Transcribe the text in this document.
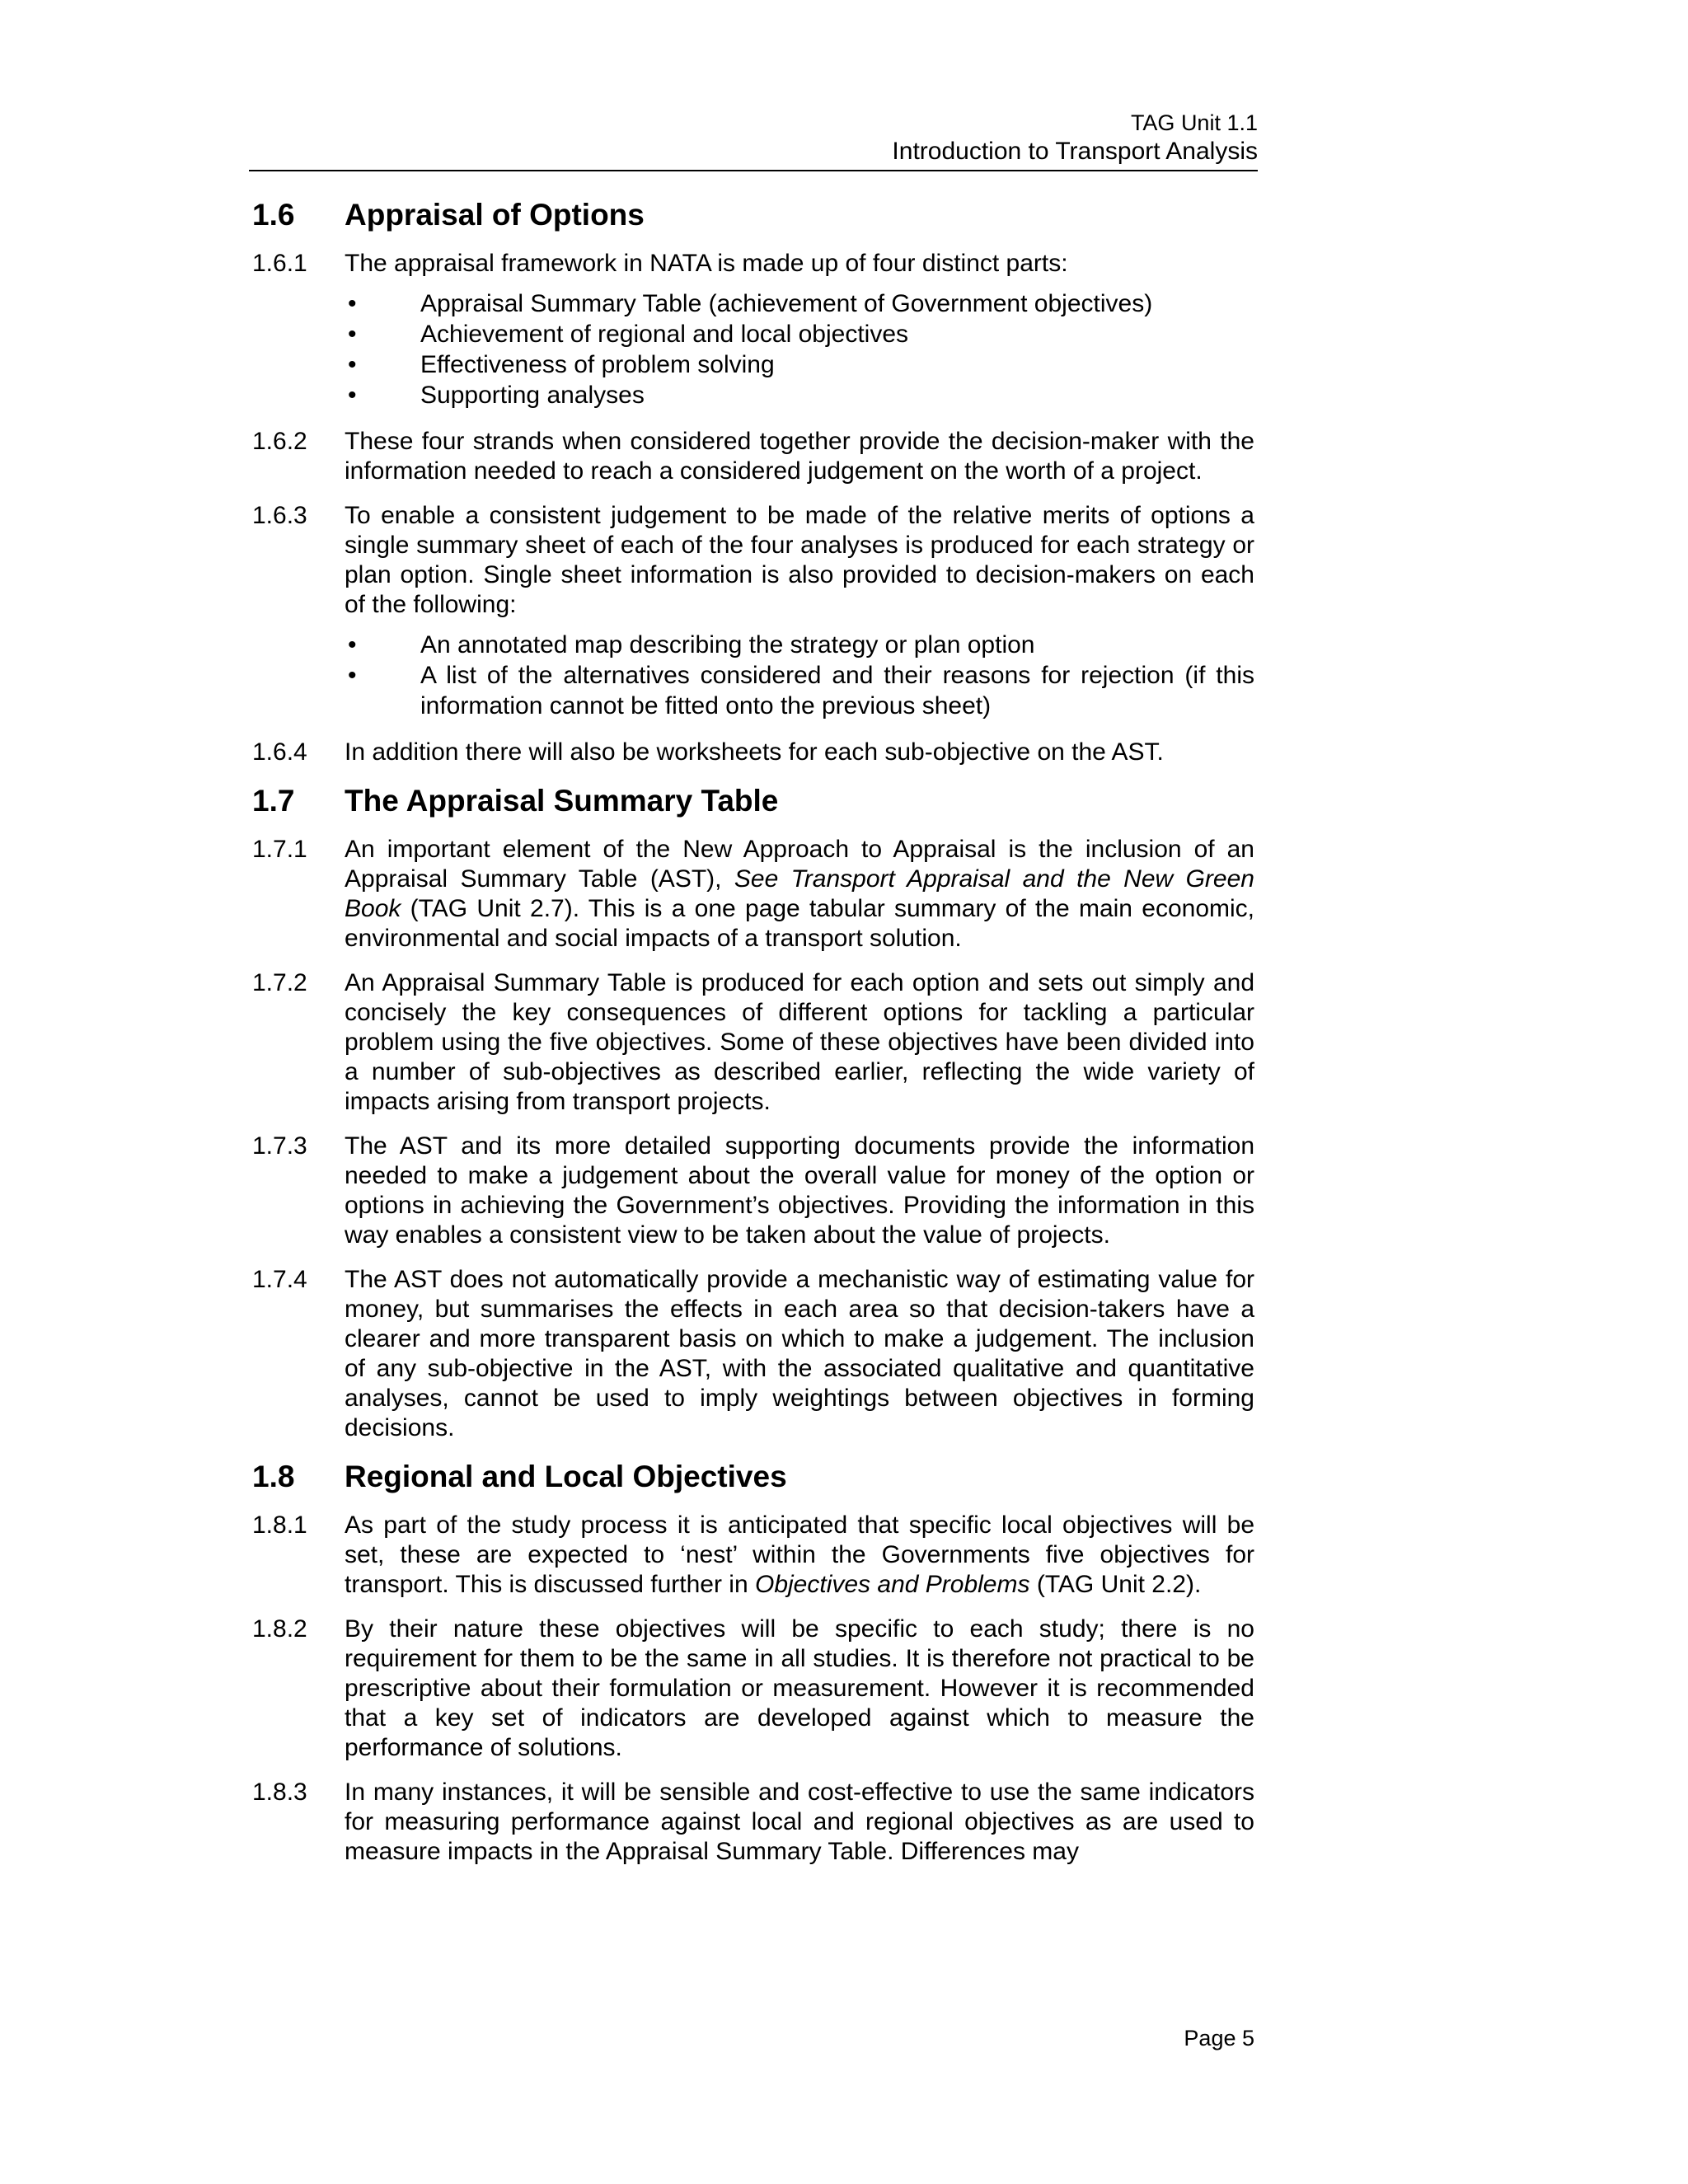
TAG Unit 1.1
Introduction to Transport Analysis
1.6	Appraisal of Options
1.6.1	The appraisal framework in NATA is made up of four distinct parts:
•	Appraisal Summary Table (achievement of Government objectives)
•	Achievement of regional and local objectives
•	Effectiveness of problem solving
•	Supporting analyses
1.6.2	These four strands when considered together provide the decision-maker with the information needed to reach a considered judgement on the worth of a project.
1.6.3	To enable a consistent judgement to be made of the relative merits of options a single summary sheet of each of the four analyses is produced for each strategy or plan option. Single sheet information is also provided to decision-makers on each of the following:
•	An annotated map describing the strategy or plan option
•	A list of the alternatives considered and their reasons for rejection (if this information cannot be fitted onto the previous sheet)
1.6.4	In addition there will also be worksheets for each sub-objective on the AST.
1.7	The Appraisal Summary Table
1.7.1	An important element of the New Approach to Appraisal is the inclusion of an Appraisal Summary Table (AST), See Transport Appraisal and the New Green Book (TAG Unit 2.7). This is a one page tabular summary of the main economic, environmental and social impacts of a transport solution.
1.7.2	An Appraisal Summary Table is produced for each option and sets out simply and concisely the key consequences of different options for tackling a particular problem using the five objectives. Some of these objectives have been divided into a number of sub-objectives as described earlier, reflecting the wide variety of impacts arising from transport projects.
1.7.3	The AST and its more detailed supporting documents provide the information needed to make a judgement about the overall value for money of the option or options in achieving the Government’s objectives. Providing the information in this way enables a consistent view to be taken about the value of projects.
1.7.4	The AST does not automatically provide a mechanistic way of estimating value for money, but summarises the effects in each area so that decision-takers have a clearer and more transparent basis on which to make a judgement. The inclusion of any sub-objective in the AST, with the associated qualitative and quantitative analyses, cannot be used to imply weightings between objectives in forming decisions.
1.8	Regional and Local Objectives
1.8.1	As part of the study process it is anticipated that specific local objectives will be set, these are expected to ‘nest’ within the Governments five objectives for transport. This is discussed further in Objectives and Problems (TAG Unit 2.2).
1.8.2	By their nature these objectives will be specific to each study; there is no requirement for them to be the same in all studies. It is therefore not practical to be prescriptive about their formulation or measurement. However it is recommended that a key set of indicators are developed against which to measure the performance of solutions.
1.8.3	In many instances, it will be sensible and cost-effective to use the same indicators for measuring performance against local and regional objectives as are used to measure impacts in the Appraisal Summary Table. Differences may
Page 5
